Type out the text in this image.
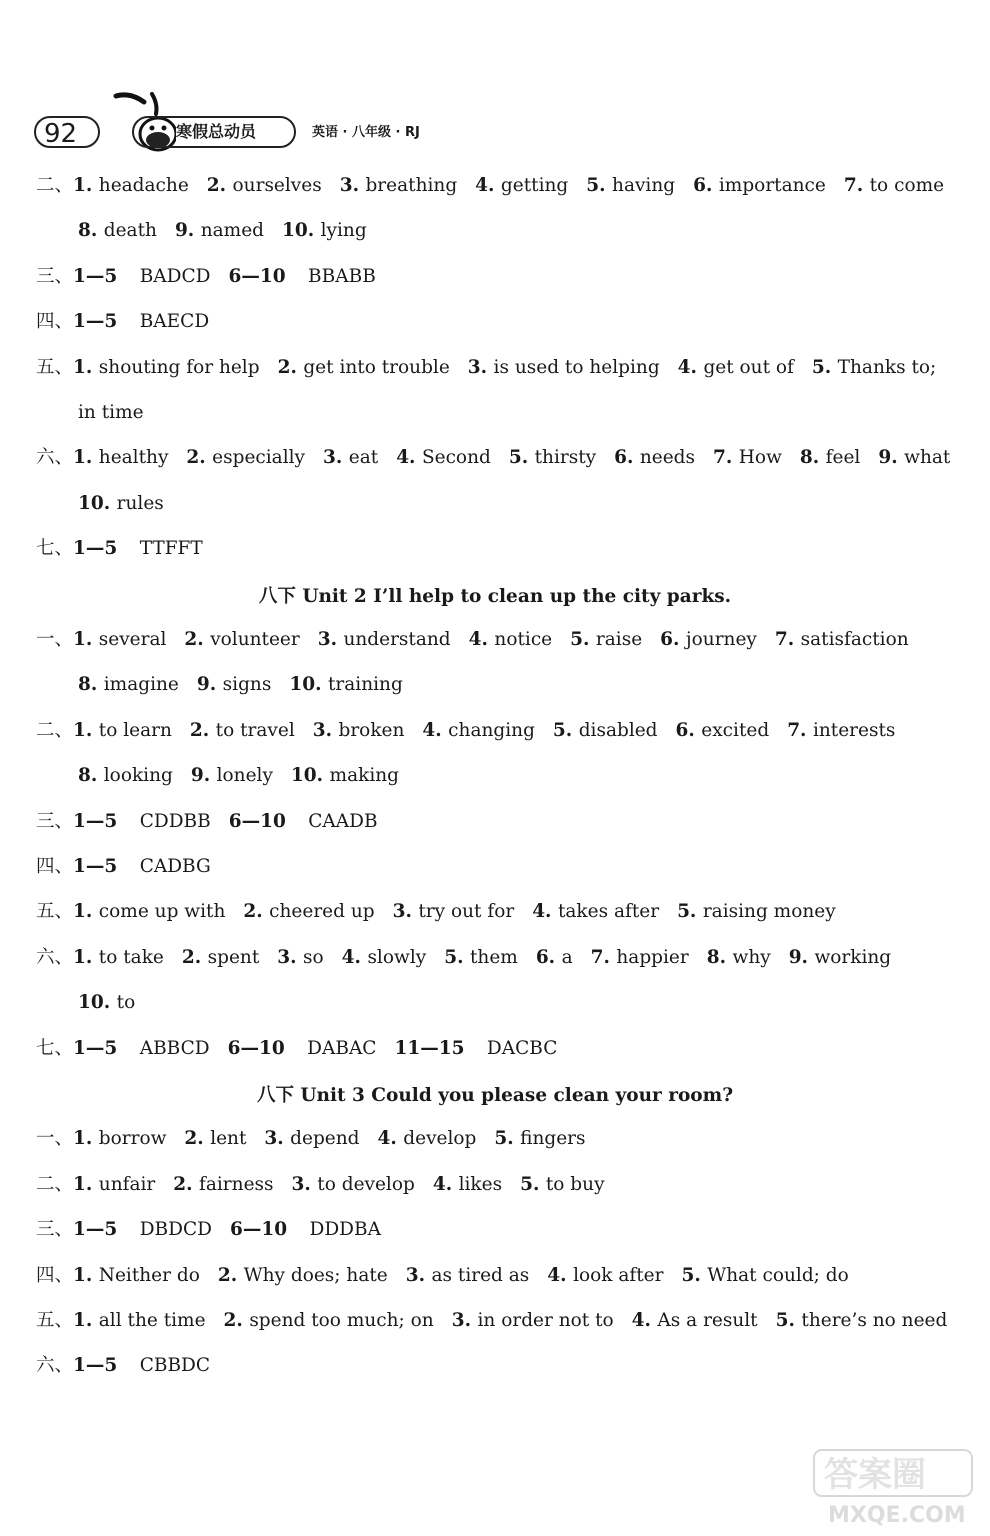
92	寒假总动员	英语 · 八年级 · RJ
二、1. headache 2. ourselves 3. breathing 4. getting 5. having 6. importance 7. to come
8. death 9. named 10. lying
三、1—5 BADCD 6—10 BBABB
四、1—5 BAECD
五、1. shouting for help 2. get into trouble 3. is used to helping 4. get out of 5. Thanks to;
in time
六、1. healthy 2. especially 3. eat 4. Second 5. thirsty 6. needs 7. How 8. feel 9. what
10. rules
七、1—5 TTFFT
八下 Unit 2 I’ll help to clean up the city parks.
一、1. several 2. volunteer 3. understand 4. notice 5. raise 6. journey 7. satisfaction
8. imagine 9. signs 10. training
二、1. to learn 2. to travel 3. broken 4. changing 5. disabled 6. excited 7. interests
8. looking 9. lonely 10. making
三、1—5 CDDBB 6—10 CAADB
四、1—5 CADBG
五、1. come up with 2. cheered up 3. try out for 4. takes after 5. raising money
六、1. to take 2. spent 3. so 4. slowly 5. them 6. a 7. happier 8. why 9. working
10. to
七、1—5 ABBCD 6—10 DABAC 11—15 DACBC
八下 Unit 3 Could you please clean your room?
一、1. borrow 2. lent 3. depend 4. develop 5. fingers
二、1. unfair 2. fairness 3. to develop 4. likes 5. to buy
三、1—5 DBDCD 6—10 DDDBA
四、1. Neither do 2. Why does; hate 3. as tired as 4. look after 5. What could; do
五、1. all the time 2. spend too much; on 3. in order not to 4. As a result 5. there’s no need
六、1—5 CBBDC
答案圈
MXQE.COM
